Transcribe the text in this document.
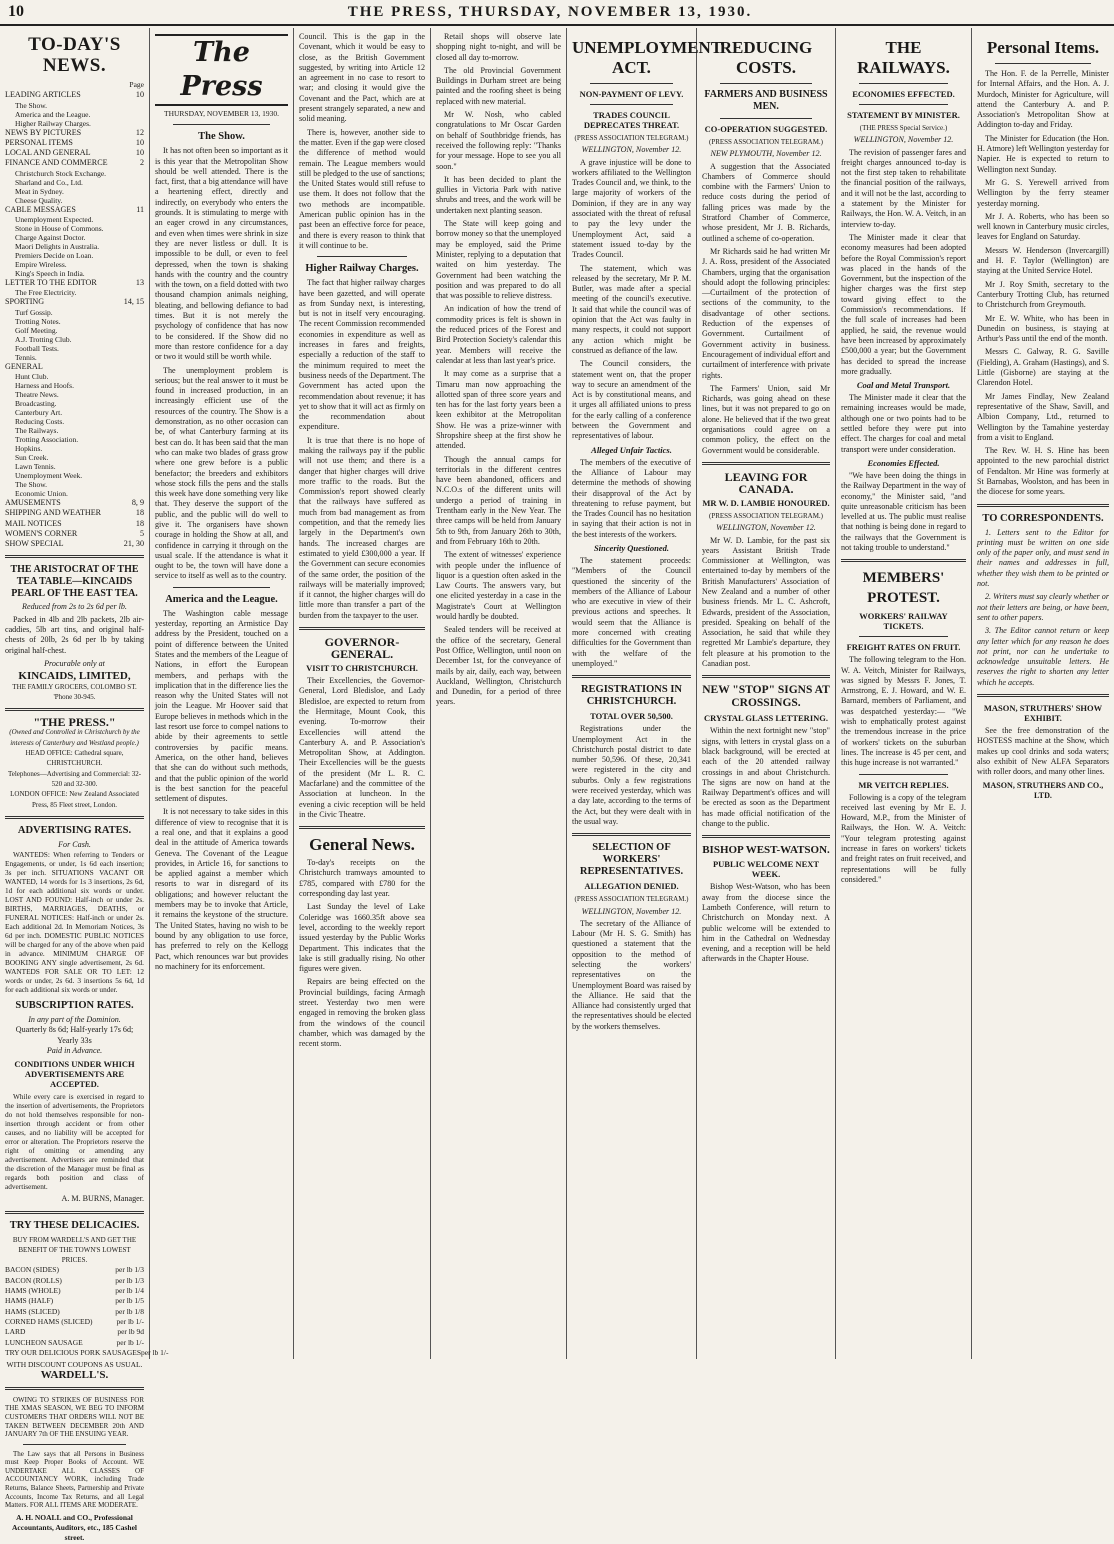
10	THE PRESS, THURSDAY, NOVEMBER 13, 1930.
TO-DAY'S NEWS.
Page
LEADING ARTICLES	10
The Show.
America and the League.
Higher Railway Charges.
NEWS BY PICTURES	12
PERSONAL ITEMS	10
LOCAL AND GENERAL	10
FINANCE AND COMMERCE	2
Christchurch Stock Exchange.
Sharland and Co., Ltd.
Meat in Sydney.
Cheese Quality.
CABLE MESSAGES	11
Unemployment Expected.
Stone in House of Commons.
Charge Against Doctor.
Maori Delights in Australia.
Premiers Decide on Loan.
Empire Wireless.
King's Speech in India.
LETTER TO THE EDITOR	13
The Free Electricity.
SPORTING	14, 15
Turf Gossip.
Trotting Notes.
Golf Meeting.
A.J. Trotting Club.
Football Tests.
Tennis.
GENERAL
Hunt Club.
Harness and Hoofs.
Theatre News.
Broadcasting.
Canterbury Art.
Reducing Costs.
The Railways.
Trotting Association.
Hopkins.
Sun Creek.
Lawn Tennis.
Unemployment Week.
The Show.
Economic Union.
AMUSEMENTS	8, 9
SHIPPING AND WEATHER	18
MAIL NOTICES	18
WOMEN'S CORNER	5
SHOW SPECIAL	21, 30
THE ARISTOCRAT OF THE TEA TABLE—KINCAIDS PEARL OF THE EAST TEA.
Reduced from 2s to 2s 6d per lb.

Packed in 4lb and 2lb packets, 2lb air-caddies, 5lb art tins, and original half-chests of 20lb, 2s 6d per lb by taking original half-chest.

Procurable only at
KINCAIDS, LIMITED,
THE FAMILY GROCERS, COLOMBO ST. 'Phone 30-945.
"THE PRESS."
(Owned and Controlled in Christchurch by the interests of Canterbury and Westland people.)
HEAD OFFICE: Cathedral square, CHRISTCHURCH.
Telephones—Advertising and Commercial: 32-520 and 32-300.
LONDON OFFICE: New Zealand Associated Press, 85 Fleet street, London.
ADVERTISING RATES.
For Cash.

WANTEDS: When referring to Tenders or Engagements, or under, 1s 6d each insertion; 3s per inch. SITUATIONS VACANT OR WANTED, 14 words for 1s 3 insertions, 2s 6d, 1d for each additional six words or under. LOST AND FOUND: Half-inch or under 2s. BIRTHS, MARRIAGES, DEATHS, or FUNERAL NOTICES: Half-inch or under 2s. Each additional 2d. In Memoriam Notices, 3s 6d per inch. DOMESTIC PUBLIC NOTICES will be charged for any of the above when paid in advance. MINIMUM CHARGE OF BOOKING ANY single advertisement, 2s 6d. WANTEDS FOR SALE OR TO LET: 12 words or under, 2s 6d. 3 insertions 5s 6d, 1d for each additional six words or under.

SUBSCRIPTION RATES.
In any part of the Dominion.
Quarterly 8s 6d; Half-yearly 17s 6d; Yearly 33s
Paid in Advance.
CONDITIONS UNDER WHICH ADVERTISEMENTS ARE ACCEPTED.

While every care is exercised in regard to the insertion of advertisements, the Proprietors do not hold themselves responsible for non-insertion through accident or from other causes, and no liability will be accepted for error or alteration. The Proprietors reserve the right of omitting or amending any advertisement. Advertisers are reminded that the discretion of the Manager must be final as regards both position and class of advertisement.

A. M. BURNS, Manager.
TRY THESE DELICACIES.
BUY FROM WARDELL'S AND GET THE BENEFIT OF THE TOWN'S LOWEST PRICES.
BACON (SIDES)	per lb 1/3
BACON (ROLLS)	per lb 1/3
HAMS (WHOLE)	per lb 1/4
HAMS (HALF)	per lb 1/5
HAMS (SLICED)	per lb 1/8
CORNED HAMS (SLICED)	per lb 1/-
LARD	per lb 9d
LUNCHEON SAUSAGE	per lb 1/-
TRY OUR DELICIOUS PORK SAUSAGES per lb 1/-
WITH DISCOUNT COUPONS AS USUAL.
WARDELL'S.

OWING TO STRIKES OF BUSINESS FOR THE XMAS SEASON, WE BEG TO INFORM CUSTOMERS THAT ORDERS WILL NOT BE TAKEN BETWEEN DECEMBER 20th AND JANUARY 7th OF THE ENSUING YEAR.

The Law says that all Persons in Business must Keep Proper Books of Account. WE UNDERTAKE ALL CLASSES OF ACCOUNTANCY WORK, including Trade Returns, Balance Sheets, Partnership and Private Accounts, Income Tax Returns, and all Legal Matters. FOR ALL ITEMS ARE MODERATE.

A. H. NOALL and CO., Professional Accountants, Auditors, etc., 185 Cashel street.
The Press
THURSDAY, NOVEMBER 13, 1930.
The Show.

It has not often been so important as it is this year that the Metropolitan Show should be well attended. There is the fact, first, that a big attendance will have a heartening effect, directly and indirectly, on everybody who enters the grounds. It is stimulating to merge with an eager crowd in any circumstances, and even when times were shrink in size they are never listless or dull. It is impossible to be dull, or even to feel depressed, when the town is shaking hands with the country and the country with the town, on a field dotted with two thousand champion animals neighing, bleating, and bellowing defiance to bad times. But it is not merely the psychology of confidence that has now to be considered. If the Show did no more than restore confidence for a day or two it would still be worth while.

The unemployment problem is serious; but the real answer to it must be found in increased production, in an increasingly efficient use of the resources of the country. The Show is a demonstration, as no other occasion can be, of what Canterbury farming at its best can do. It has been said that the man who can make two blades of grass grow where one grew before is a public benefactor; the breeders and exhibitors whose stock fills the pens and the stalls this week have done something very like that. They deserve the support of the public, and the public will do well to give it. The organisers have shown courage in holding the Show at all, and confidence in carrying it through on the usual scale. If the attendance is what it ought to be, the town will have done a service to itself as well as to the country.

America and the League.

The Washington cable message yesterday, reporting an Armistice Day address by the President, touched on a point of difference between the United States and the members of the League of Nations, in effort the European members, and perhaps with the implication that in the difference lies the reason why the United States will not join the League. Mr Hoover said that Europe believes in methods which in the last resort use force to compel nations to abide by their agreements to settle controversies by pacific means. America, on the other hand, believes that she can do without such methods, and that the public opinion of the world is the best sanction for the peaceful settlement of disputes.

It is not necessary to take sides in this difference of view to recognise that it is a real one, and that it explains a good deal in the attitude of America towards Geneva. The Covenant of the League provides, in Article 16, for sanctions to be applied against a member which resorts to war in disregard of its obligations; and however reluctant the members may be to invoke that Article, it remains the keystone of the structure. The United States, having no wish to be bound by any obligation to use force, has preferred to rely on the Kellogg Pact, which renounces war but provides no machinery for its enforcement.

Council. This is the gap in the Covenant, which it would be easy to close, as the British Government suggested, by writing into Article 12 an agreement in no case to resort to war; and closing it would give the Covenant and the Pact, which are at present strangely separated, a new and solid meaning.

There is, however, another side to the matter. Even if the gap were closed the difference of method would remain. The League members would still be pledged to the use of sanctions; the United States would still refuse to use them. It does not follow that the two methods are incompatible. American public opinion has in the past been an effective force for peace, and there is every reason to think that it will continue to be.

Higher Railway Charges.

The fact that higher railway charges have been gazetted, and will operate as from Sunday next, is interesting, but is not in itself very encouraging. The recent Commission recommended economies in expenditure as well as increases in fares and freights, especially a reduction of the staff to the minimum required to meet the business needs of the Department. The Government has acted upon the recommendation about revenue; it has yet to show that it will act as firmly on the recommendation about expenditure.

It is true that there is no hope of making the railways pay if the public will not use them; and there is a danger that higher charges will drive more traffic to the roads. But the Commission's report showed clearly that the railways have suffered as much from bad management as from competition, and that the remedy lies largely in the Department's own hands. The increased charges are estimated to yield £300,000 a year. If the Government can secure economies of the same order, the position of the railways will be materially improved; if it cannot, the higher charges will do little more than transfer a part of the burden from the taxpayer to the user.

GOVERNOR-GENERAL.
VISIT TO CHRISTCHURCH.

Their Excellencies, the Governor-General, Lord Bledisloe, and Lady Bledisloe, are expected to return from the Hermitage, Mount Cook, this evening. To-morrow their Excellencies will attend the Canterbury A. and P. Association's Metropolitan Show, at Addington. Their Excellencies will be the guests of the president (Mr L. R. C. Macfarlane) and the committee of the Association at luncheon. In the evening a civic reception will be held in the Civic Theatre.

General News.

To-day's receipts on the Christchurch tramways amounted to £785, compared with £780 for the corresponding day last year.

Last Sunday the level of Lake Coleridge was 1660.35ft above sea level, according to the weekly report issued yesterday by the Public Works Department. This indicates that the lake is still gradually rising. No other figures were given.

Repairs are being effected on the Provincial buildings, facing Armagh street. Yesterday two men were engaged in removing the broken glass from the windows of the council chamber, which was damaged by the recent storm.

Retail shops will observe late shopping night to-night, and will be closed all day to-morrow.

The old Provincial Government Buildings in Durham street are being painted and the roofing sheet is being replaced with new material.

Mr W. Nosh, who cabled congratulations to Mr Oscar Garden on behalf of Southbridge friends, has received the following reply: "Thanks for your message. Hope to see you all soon."

It has been decided to plant the gullies in Victoria Park with native shrubs and trees, and the work will be undertaken next planting season.

The State will keep going and borrow money so that the unemployed may be employed, said the Prime Minister, replying to a deputation that waited on him yesterday. The Government had been watching the position and was prepared to do all that was possible to relieve distress.

An indication of how the trend of commodity prices is felt is shown in the reduced prices of the Forest and Bird Protection Society's calendar this year. Members will receive the calendar at less than last year's price.

It may come as a surprise that a Timaru man now approaching the allotted span of three score years and ten has for the last forty years been a keen exhibitor at the Metropolitan Show. He was a prize-winner with Shropshire sheep at the first show he attended.

Though the annual camps for territorials in the different centres have been abandoned, officers and N.C.O.s of the different units will undergo a period of training in Trentham early in the New Year. The three camps will be held from January 5th to 9th, from January 26th to 30th, and from February 16th to 20th.

The extent of witnesses' experience with people under the influence of liquor is a question often asked in the Law Courts. The answers vary, but one elicited yesterday in a case in the Magistrate's Court at Wellington would hardly be doubted.

Sealed tenders will be received at the office of the secretary, General Post Office, Wellington, until noon on December 1st, for the conveyance of mails by air, daily, each way, between Auckland, Wellington, Christchurch and Dunedin, for a period of three years.

UNEMPLOYMENT ACT.
NON-PAYMENT OF LEVY.
TRADES COUNCIL DEPRECATES THREAT.
(PRESS ASSOCIATION TELEGRAM.)
WELLINGTON, November 12.

A grave injustice will be done to workers affiliated to the Wellington Trades Council and, we think, to the large majority of workers of the Dominion, if they are in any way associated with the threat of refusal to pay the levy under the Unemployment Act, said a statement issued to-day by the Trades Council.

The statement, which was released by the secretary, Mr P. M. Butler, was made after a special meeting of the council's executive. It said that while the council was of opinion that the Act was faulty in many respects, it could not support any action which might be construed as defiance of the law.

The Council considers, the statement went on, that the proper way to secure an amendment of the Act is by constitutional means, and it urges all affiliated unions to press for the early calling of a conference between the Government and representatives of labour.

Alleged Unfair Tactics.

The members of the executive of the Alliance of Labour may determine the methods of showing their disapproval of the Act by threatening to refuse payment, but the Trades Council has no hesitation in saying that their action is not in the best interests of the workers.

Sincerity Questioned.

The statement proceeds: "Members of the Council questioned the sincerity of the members of the Alliance of Labour who are executive in view of their previous actions and speeches. It would seem that the Alliance is more concerned with creating difficulties for the Government than with the welfare of the unemployed."

REGISTRATIONS IN CHRISTCHURCH.
TOTAL OVER 50,500.

Registrations under the Unemployment Act in the Christchurch postal district to date number 50,596. Of these, 20,341 were registered in the city and suburbs. Only a few registrations were received yesterday, which was a day late, according to the terms of the Act, but they were dealt with in the usual way.

SELECTION OF WORKERS' REPRESENTATIVES.
ALLEGATION DENIED.
(PRESS ASSOCIATION TELEGRAM.)
WELLINGTON, November 12.

The secretary of the Alliance of Labour (Mr H. S. G. Smith) has questioned a statement that the opposition to the method of selecting the workers' representatives on the Unemployment Board was raised by the Alliance. He said that the Alliance had consistently urged that the representatives should be elected by the workers themselves.

REDUCING COSTS.
FARMERS AND BUSINESS MEN.
CO-OPERATION SUGGESTED.
(PRESS ASSOCIATION TELEGRAM.)
NEW PLYMOUTH, November 12.

A suggestion that the Associated Chambers of Commerce should combine with the Farmers' Union to reduce costs during the period of falling prices was made by the Stratford Chamber of Commerce, whose president, Mr J. B. Richards, outlined a scheme of co-operation.

Mr Richards said he had written Mr J. A. Ross, president of the Associated Chambers, urging that the organisation should adopt the following principles:—Curtailment of the protection of sections of the community, to the disadvantage of other sections. Reduction of the expenses of Government. Curtailment of Government activity in business. Encouragement of individual effort and curtailment of interference with private rights.

The Farmers' Union, said Mr Richards, was going ahead on these lines, but it was not prepared to go on alone. He believed that if the two great organisations could agree on a common policy, the effect on the Government would be considerable.

LEAVING FOR CANADA.
MR W. D. LAMBIE HONOURED.
(PRESS ASSOCIATION TELEGRAM.)
WELLINGTON, November 12.

Mr W. D. Lambie, for the past six years Assistant British Trade Commissioner at Wellington, was entertained to-day by members of the British Manufacturers' Association of New Zealand and a number of other business friends. Mr L. C. Ashcroft, Edwards, president of the Association, presided. Speaking on behalf of the Association, he said that while they regretted Mr Lambie's departure, they felt pleasure at his promotion to the Canadian post.

NEW "STOP" SIGNS AT CROSSINGS.
CRYSTAL GLASS LETTERING.

Within the next fortnight new "stop" signs, with letters in crystal glass on a black background, will be erected at each of the 20 attended railway crossings in and about Christchurch. The signs are now on hand at the Railway Department's offices and will be erected as soon as the Department has made official notification of the change to the public.

BISHOP WEST-WATSON.
PUBLIC WELCOME NEXT WEEK.

Bishop West-Watson, who has been away from the diocese since the Lambeth Conference, will return to Christchurch on Monday next. A public welcome will be extended to him in the Cathedral on Wednesday evening, and a reception will be held afterwards in the Chapter House.

THE RAILWAYS.
ECONOMIES EFFECTED.
STATEMENT BY MINISTER.
(THE PRESS Special Service.)
WELLINGTON, November 12.

The revision of passenger fares and freight charges announced to-day is not the first step taken to rehabilitate the financial position of the railways, and it will not be the last, according to a statement by the Minister for Railways, the Hon. W. A. Veitch, in an interview to-day.

The Minister made it clear that economy measures had been adopted before the Royal Commission's report was placed in the hands of the Government, but the inspection of the higher charges was the first step toward giving effect to the Commission's recommendations. If the full scale of increases had been applied, he said, the revenue would have been increased by approximately £500,000 a year; but the Government has decided to spread the increase more gradually.

Coal and Metal Transport.

The Minister made it clear that the remaining increases would be made, although one or two points had to be settled before they were put into effect. The charges for coal and metal transport were under consideration.

Economies Effected.

"We have been doing the things in the Railway Department in the way of economy," the Minister said, "and quite unreasonable criticism has been levelled at us. The public must realise that nothing is being done in regard to the railways that the Government is not taking trouble to understand."

MEMBERS' PROTEST.
WORKERS' RAILWAY TICKETS.
FREIGHT RATES ON FRUIT.

The following telegram to the Hon. W. A. Veitch, Minister for Railways, was signed by Messrs F. Jones, T. Armstrong, E. J. Howard, and W. E. Barnard, members of Parliament, and was despatched yesterday:— "We wish to emphatically protest against the tremendous increase in the price of workers' tickets on the suburban lines. The increase is 45 per cent, and this huge increase is not warranted."

MR VEITCH REPLIES.

Following is a copy of the telegram received last evening by Mr E. J. Howard, M.P., from the Minister of Railways, the Hon. W. A. Veitch: "Your telegram protesting against increase in fares on workers' tickets and freight rates on fruit received, and representations will be fully considered."

Personal Items.

The Hon. F. de la Perrelle, Minister for Internal Affairs, and the Hon. A. J. Murdoch, Minister for Agriculture, will attend the Canterbury A. and P. Association's Metropolitan Show at Addington to-day and Friday.

The Minister for Education (the Hon. H. Atmore) left Wellington yesterday for Napier. He is expected to return to Wellington next Sunday.

Mr G. S. Yerewell arrived from Wellington by the ferry steamer yesterday morning.

Mr J. A. Roberts, who has been so well known in Canterbury music circles, leaves for England on Saturday.

Messrs W. Henderson (Invercargill) and H. F. Taylor (Wellington) are staying at the United Service Hotel.

Mr J. Roy Smith, secretary to the Canterbury Trotting Club, has returned to Christchurch from Greymouth.

Mr E. W. White, who has been in Dunedin on business, is staying at Arthur's Pass until the end of the month.

Messrs C. Galway, R. G. Saville (Fielding), A. Graham (Hastings), and S. Little (Gisborne) are staying at the Clarendon Hotel.

Mr James Findlay, New Zealand representative of the Shaw, Savill, and Albion Company, Ltd., returned to Wellington by the Tamahine yesterday from a visit to England.

The Rev. W. H. S. Hine has been appointed to the new parochial district of Fendalton. Mr Hine was formerly at St Barnabas, Woolston, and has been in the diocese for some years.

TO CORRESPONDENTS.

1. Letters sent to the Editor for printing must be written on one side only of the paper only, and must send in their names and addresses in full, whether they wish them to be printed or not.

2. Writers must say clearly whether or not their letters are being, or have been, sent to other papers.

3. The Editor cannot return or keep any letter which for any reason he does not print, nor can he undertake to acknowledge unsuitable letters. He reserves the right to shorten any letter which he accepts.

MASON, STRUTHERS' SHOW EXHIBIT.

See the free demonstration of the HOSTESS machine at the Show, which makes up cool drinks and soda waters; also exhibit of New ALFA Separators with roller doors, and many other lines.

MASON, STRUTHERS AND CO., LTD.
